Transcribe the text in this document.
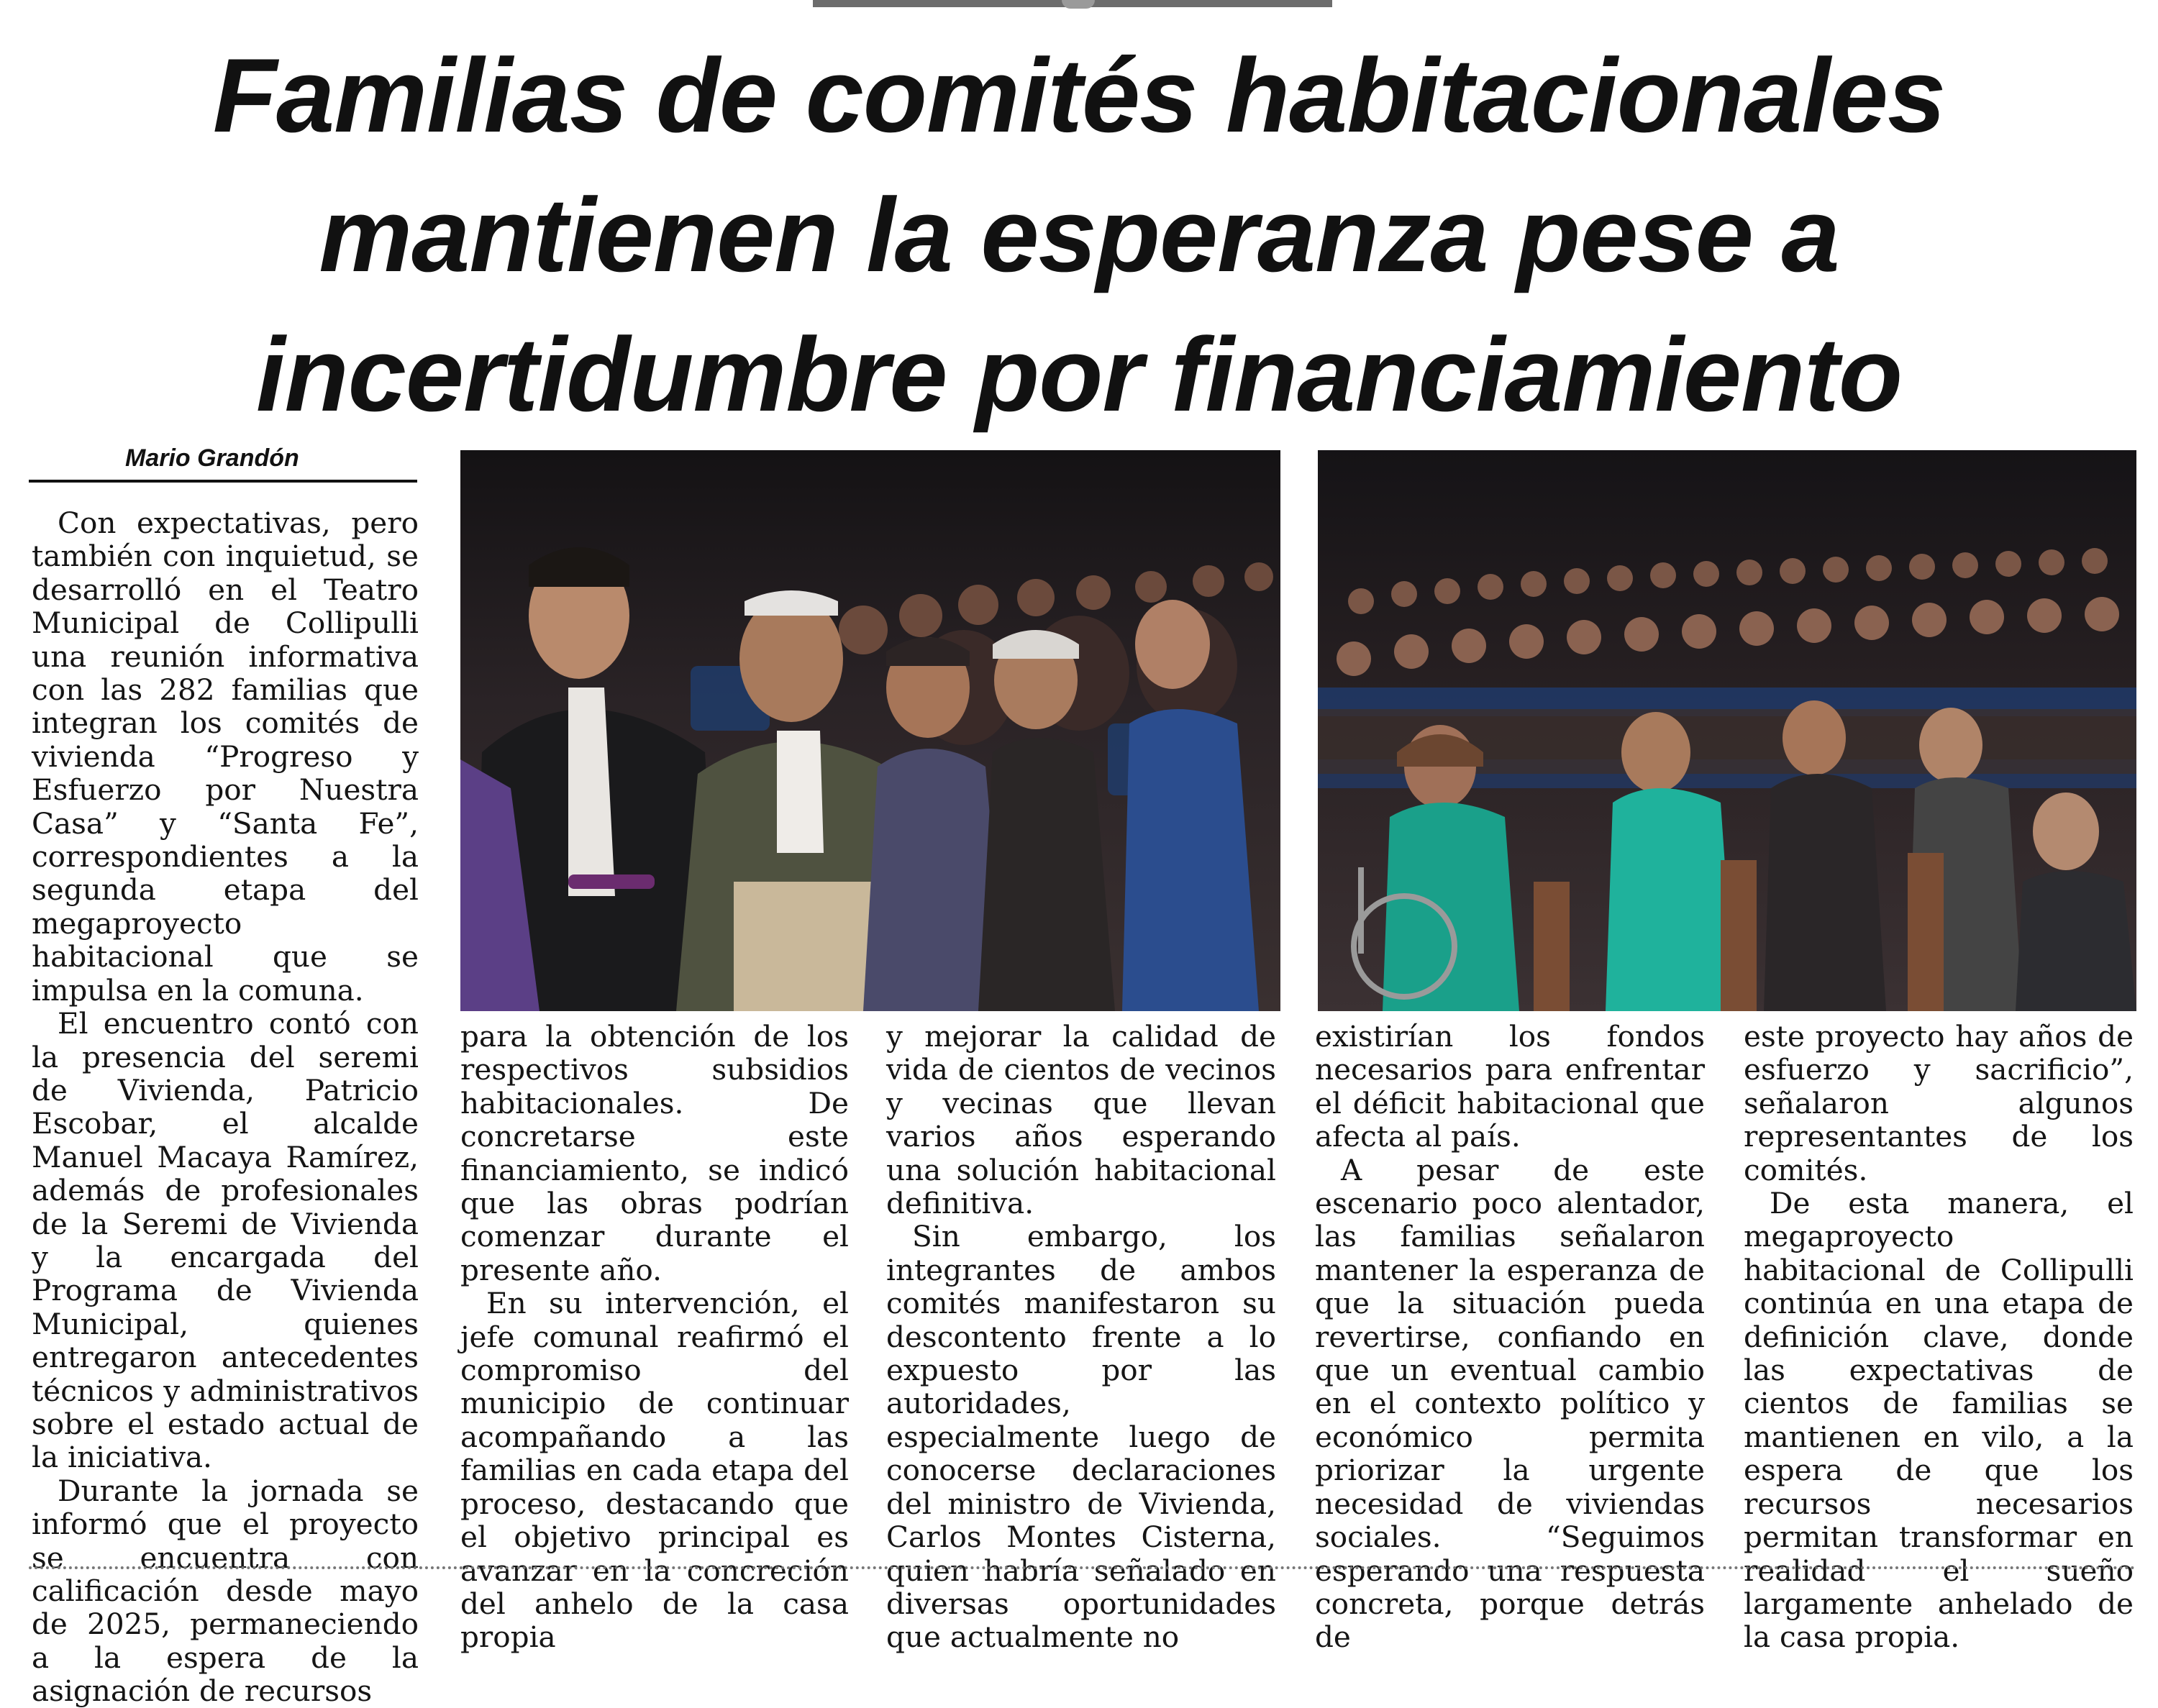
Familias de comités habitacionales
mantienen la esperanza pese a
incertidumbre por financiamiento
Mario Grandón

Con expectativas, pero también con inquietud, se desarrolló en el Teatro Municipal de Collipulli una reunión informativa con las 282 familias que integran los comités de vivienda “Progreso y Esfuerzo por Nuestra Casa” y “Santa Fe”, correspondientes a la segunda etapa del megaproyecto habitacional que se impulsa en la comuna.

El encuentro contó con la presencia del seremi de Vivienda, Patricio Escobar, el alcalde Manuel Macaya Ramírez, además de profesionales de la Seremi de Vivienda y la encargada del Programa de Vivienda Municipal, quienes entregaron antecedentes técnicos y administrativos sobre el estado actual de la iniciativa.

Durante la jornada se informó que el proyecto se encuentra con calificación desde mayo de 2025, permaneciendo a la espera de la asignación de recursos

para la obtención de los respectivos subsidios habitacionales. De concretarse este financiamiento, se indicó que las obras podrían comenzar durante el presente año.

En su intervención, el jefe comunal reafirmó el compromiso del municipio de continuar acompañando a las familias en cada etapa del proceso, destacando que el objetivo principal es avanzar en la concreción del anhelo de la casa propia

y mejorar la calidad de vida de cientos de vecinos y vecinas que llevan varios años esperando una solución habitacional definitiva.

Sin embargo, los integrantes de ambos comités manifestaron su descontento frente a lo expuesto por las autoridades, especialmente luego de conocerse declaraciones del ministro de Vivienda, Carlos Montes Cisterna, quien habría señalado en diversas oportunidades que actualmente no

existirían los fondos necesarios para enfrentar el déficit habitacional que afecta al país.

A pesar de este escenario poco alentador, las familias señalaron mantener la esperanza de que la situación pueda revertirse, confiando en que un eventual cambio en el contexto político y económico permita priorizar la urgente necesidad de viviendas sociales. “Seguimos esperando una respuesta concreta, porque detrás de

este proyecto hay años de esfuerzo y sacrificio”, señalaron algunos representantes de los comités.

De esta manera, el megaproyecto habitacional de Collipulli continúa en una etapa de definición clave, donde las expectativas de cientos de familias se mantienen en vilo, a la espera de que los recursos necesarios permitan transformar en realidad el sueño largamente anhelado de la casa propia.
